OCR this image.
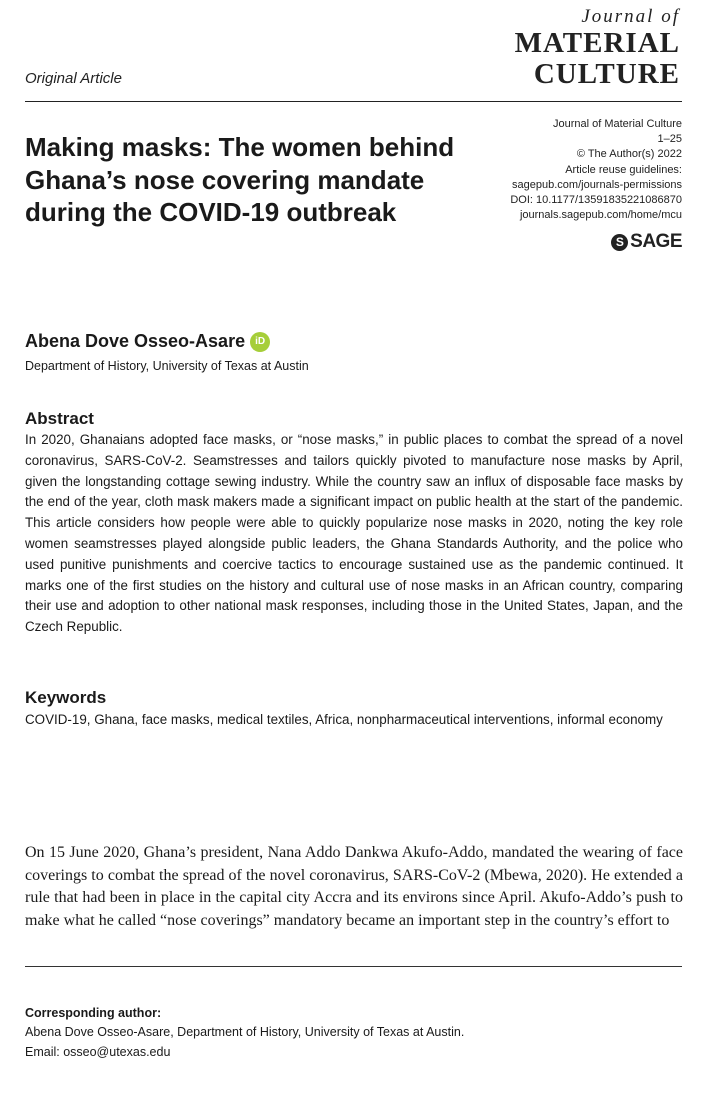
Journal of
MATERIAL
CULTURE
Original Article
Journal of Material Culture
1–25
© The Author(s) 2022
Article reuse guidelines:
sagepub.com/journals-permissions
DOI: 10.1177/13591835221086870
journals.sagepub.com/home/mcu
S SAGE
Making masks: The women behind Ghana’s nose covering mandate during the COVID-19 outbreak
Abena Dove Osseo-Asare	iD
Department of History, University of Texas at Austin
Abstract
In 2020, Ghanaians adopted face masks, or “nose masks,” in public places to combat the spread of a novel coronavirus, SARS-CoV-2. Seamstresses and tailors quickly pivoted to manufacture nose masks by April, given the longstanding cottage sewing industry. While the country saw an influx of disposable face masks by the end of the year, cloth mask makers made a significant impact on public health at the start of the pandemic. This article considers how people were able to quickly popularize nose masks in 2020, noting the key role women seamstresses played alongside public leaders, the Ghana Standards Authority, and the police who used punitive punishments and coercive tactics to encourage sustained use as the pandemic continued. It marks one of the first studies on the history and cultural use of nose masks in an African country, comparing their use and adoption to other national mask responses, including those in the United States, Japan, and the Czech Republic.
Keywords
COVID-19, Ghana, face masks, medical textiles, Africa, nonpharmaceutical interventions, informal economy
On 15 June 2020, Ghana’s president, Nana Addo Dankwa Akufo-Addo, mandated the wearing of face coverings to combat the spread of the novel coronavirus, SARS-CoV-2 (Mbewa, 2020). He extended a rule that had been in place in the capital city Accra and its environs since April. Akufo-Addo’s push to make what he called “nose coverings” mandatory became an important step in the country’s effort to
Corresponding author:
Abena Dove Osseo-Asare, Department of History, University of Texas at Austin.
Email: osseo@utexas.edu
